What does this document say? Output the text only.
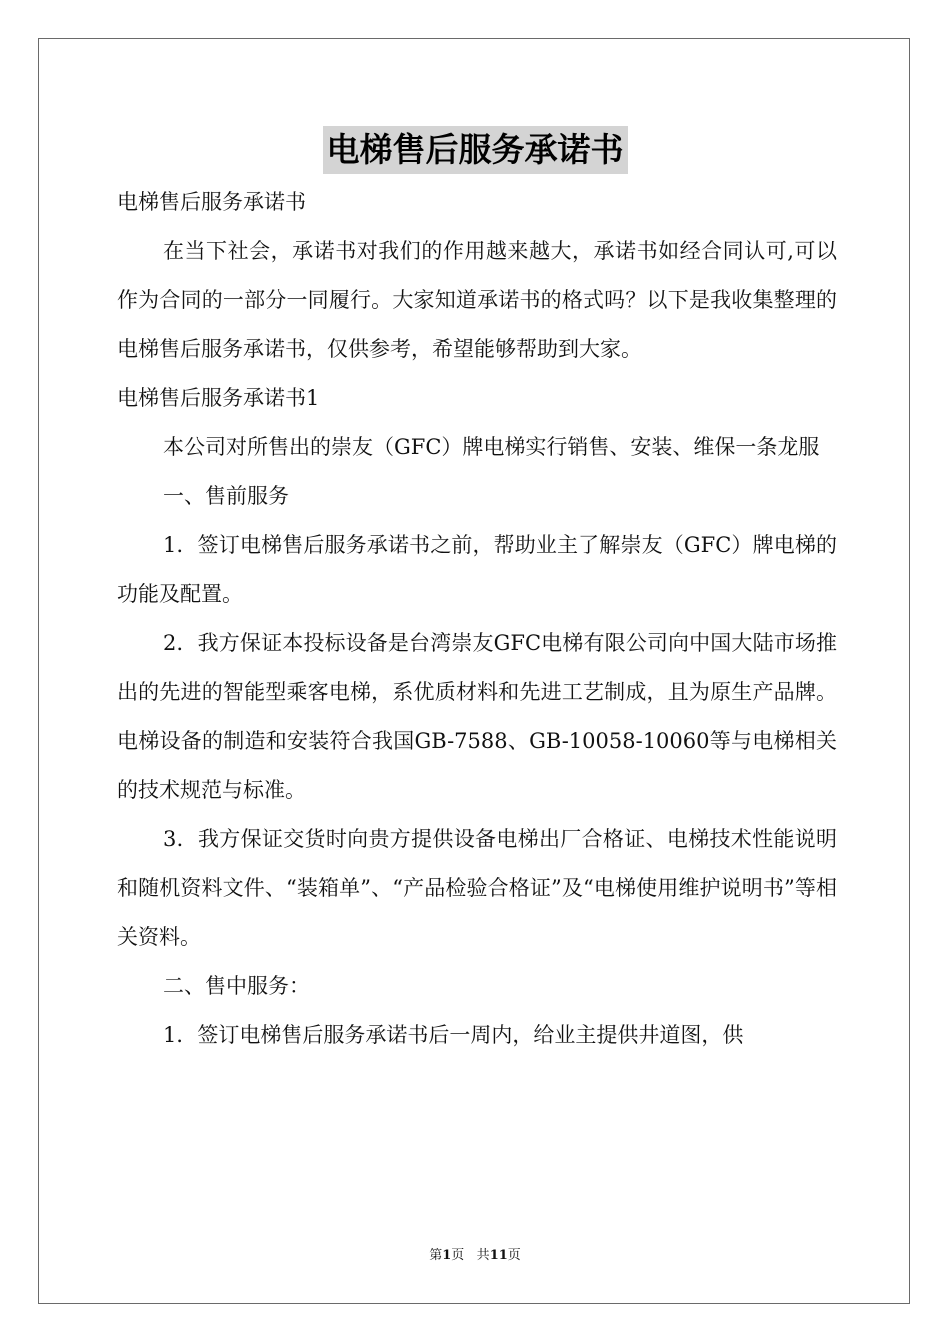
电梯售后服务承诺书

电梯售后服务承诺书

在当下社会，承诺书对我们的作用越来越大，承诺书如经合同认可,可以作为合同的一部分一同履行。大家知道承诺书的格式吗？以下是我收集整理的电梯售后服务承诺书，仅供参考，希望能够帮助到大家。

电梯售后服务承诺书1

本公司对所售出的崇友（GFC）牌电梯实行销售、安装、维保一条龙服

一、售前服务

1．签订电梯售后服务承诺书之前，帮助业主了解崇友（GFC）牌电梯的功能及配置。

2．我方保证本投标设备是台湾崇友GFC电梯有限公司向中国大陆市场推出的先进的智能型乘客电梯，系优质材料和先进工艺制成，且为原生产品牌。电梯设备的制造和安装符合我国GB-7588、GB-10058-10060等与电梯相关的技术规范与标准。

3．我方保证交货时向贵方提供设备电梯出厂合格证、电梯技术性能说明和随机资料文件、“装箱单”、“产品检验合格证”及“电梯使用维护说明书”等相关资料。

二、售中服务：

1．签订电梯售后服务承诺书后一周内，给业主提供井道图，供

第1页 共11页
